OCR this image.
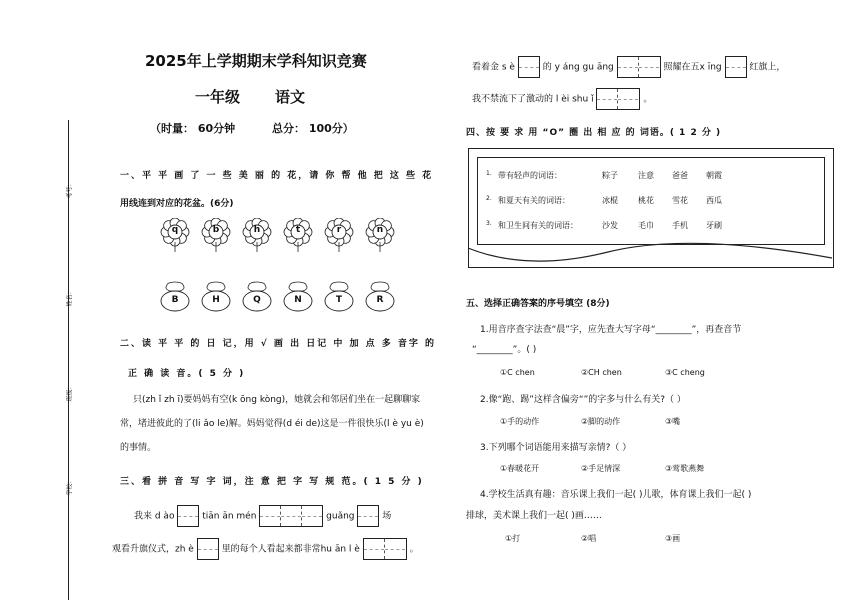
考号：
姓名：
班级：
学校：
2025年上学期期末学科知识竞赛
一年级 语文
（时量： 60分钟	总分： 100分）
一、平 平 画 了 一 些 美 丽 的 花，请 你 帮 他 把 这 些 花
用线连到对应的花盆。(6分)
q	b	h	t	r	n
B	H	Q	N	T	R
二、读 平 平 的 日 记，用 √ 画 出 日记 中 加 点 多 音字 的
正 确 读 音。( 5 分 )
只(zh ǐ zh ī)要妈妈有空(k ōng kòng)，她就会和邻居们坐在一起聊聊家
常，堵进彼此的了(li ǎo le)解。妈妈觉得(d éi de)这是一件很快乐(l è yu è)
的事情。
三、看 拼 音 写 字 词，注 意 把 字 写 规 范。( 1 5 分 )
我来 d ào	tiān ān mén	guǎng	场
观看升旗仪式，zh è	里的每个人看起来都非常hu ān l è	。
看着金 s è	的 y áng gu āng	照耀在五x īng	红旗上，
我不禁流下了激动的 l èi shu ǐ	。
四、按 要 求 用 “O” 圈 出 相 应 的 词语。( 1 2 分 )
1. 带有轻声的词语：	粽子	注意 爸爸 朝霞
2. 和夏天有关的词语：	冰棍	桃花 雪花 西瓜
3. 和卫生间有关的词语：	沙发	毛巾 手机 牙刷
五、选择正确答案的序号填空 (8分)
1.用音序查字法查“晨”字，应先查大写字母“________”，再查音节
“________”。( )
①C chen	②CH chen	③C cheng
2.像“跑、踢”这样含偏旁“”的字多与什么有关?（ ）
①手的动作	②脚的动作	③嘴
3.下列哪个词语能用来描写亲情?（ ）
①春暖花开	②手足情深	③莺歌燕舞
4.学校生活真有趣：音乐课上我们一起( )儿歌，体育课上我们一起( )
排球，美术课上我们一起( )画……
①打	②唱	③画
